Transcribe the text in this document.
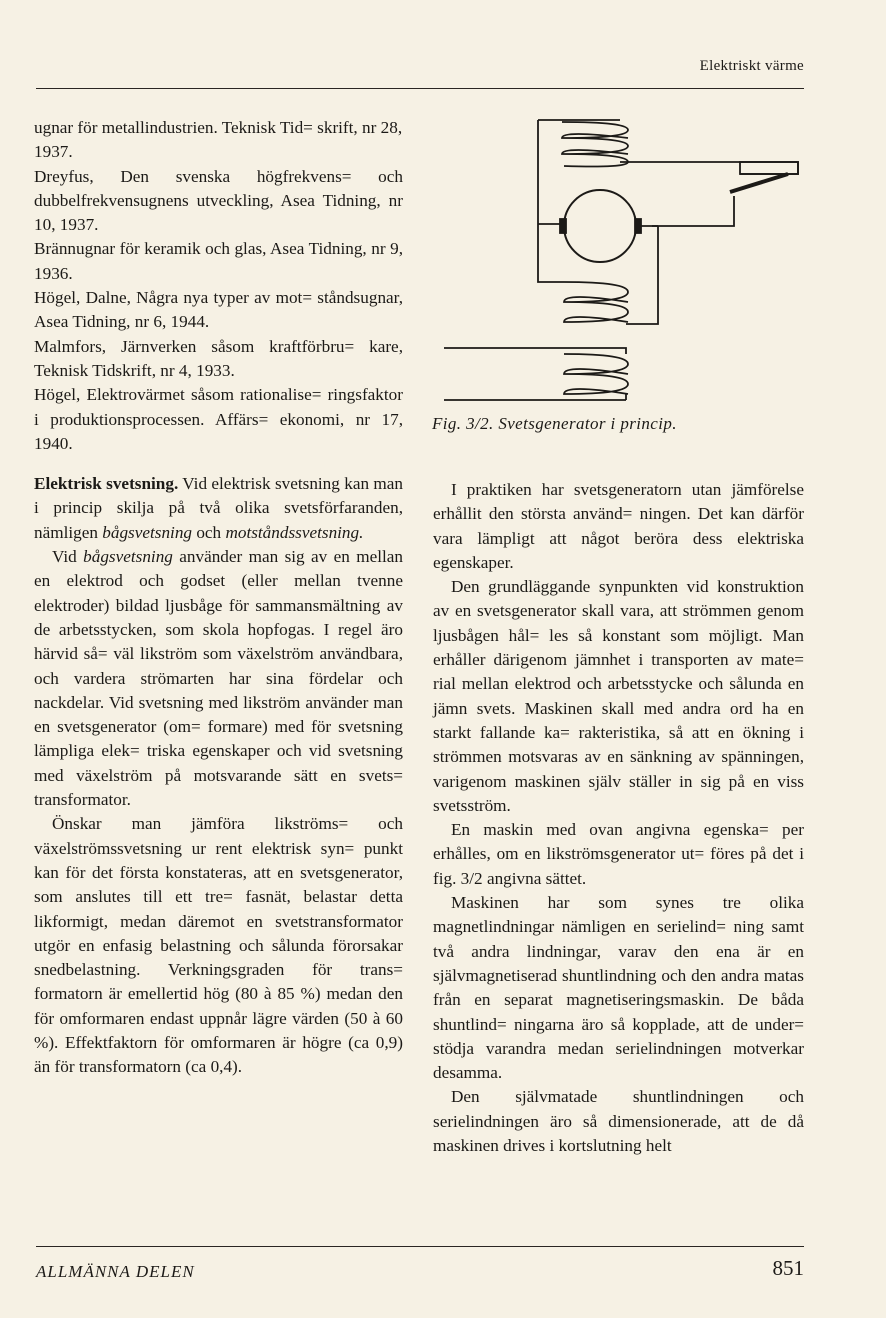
Elektriskt värme

ugnar för metallindustrien. Teknisk Tid= skrift, nr 28, 1937.

Dreyfus, Den svenska högfrekvens= och dubbelfrekvensugnens utveckling, Asea Tidning, nr 10, 1937.

Brännugnar för keramik och glas, Asea Tidning, nr 9, 1936.

Högel, Dalne, Några nya typer av mot= ståndsugnar, Asea Tidning, nr 6, 1944.

Malmfors, Järnverken såsom kraftförbru= kare, Teknisk Tidskrift, nr 4, 1933.

Högel, Elektrovärmet såsom rationalise= ringsfaktor i produktionsprocessen. Affärs= ekonomi, nr 17, 1940.

Elektrisk svetsning. Vid elektrisk svetsning kan man i princip skilja på två olika svetsförfaranden, nämligen bågsvetsning och motståndssvetsning.

Vid bågsvetsning använder man sig av en mellan en elektrod och godset (eller mellan tvenne elektroder) bildad ljusbåge för sammansmältning av de arbetsstycken, som skola hopfogas. I regel äro härvid så= väl likström som växelström användbara, och vardera strömarten har sina fördelar och nackdelar. Vid svetsning med likström använder man en svetsgenerator (om= formare) med för svetsning lämpliga elek= triska egenskaper och vid svetsning med växelström på motsvarande sätt en svets= transformator.

Önskar man jämföra likströms= och växelströmssvetsning ur rent elektrisk syn= punkt kan för det första konstateras, att en svetsgenerator, som anslutes till ett tre= fasnät, belastar detta likformigt, medan däremot en svetstransformator utgör en enfasig belastning och sålunda förorsakar snedbelastning. Verkningsgraden för trans= formatorn är emellertid hög (80 à 85 %) medan den för omformaren endast uppnår lägre värden (50 à 60 %). Effektfaktorn för omformaren är högre (ca 0,9) än för transformatorn (ca 0,4).

Fig. 3/2. Svetsgenerator i princip.

I praktiken har svetsgeneratorn utan jämförelse erhållit den största använd= ningen. Det kan därför vara lämpligt att något beröra dess elektriska egenskaper.

Den grundläggande synpunkten vid konstruktion av en svetsgenerator skall vara, att strömmen genom ljusbågen hål= les så konstant som möjligt. Man erhåller därigenom jämnhet i transporten av mate= rial mellan elektrod och arbetsstycke och sålunda en jämn svets. Maskinen skall med andra ord ha en starkt fallande ka= rakteristika, så att en ökning i strömmen motsvaras av en sänkning av spänningen, varigenom maskinen själv ställer in sig på en viss svetsström.

En maskin med ovan angivna egenska= per erhålles, om en likströmsgenerator ut= föres på det i fig. 3/2 angivna sättet.

Maskinen har som synes tre olika magnetlindningar nämligen en serielind= ning samt två andra lindningar, varav den ena är en självmagnetiserad shuntlindning och den andra matas från en separat magnetiseringsmaskin. De båda shuntlind= ningarna äro så kopplade, att de under= stödja varandra medan serielindningen motverkar desamma.

Den självmatade shuntlindningen och serielindningen äro så dimensionerade, att de då maskinen drives i kortslutning helt

ALLMÄNNA DELEN	851
